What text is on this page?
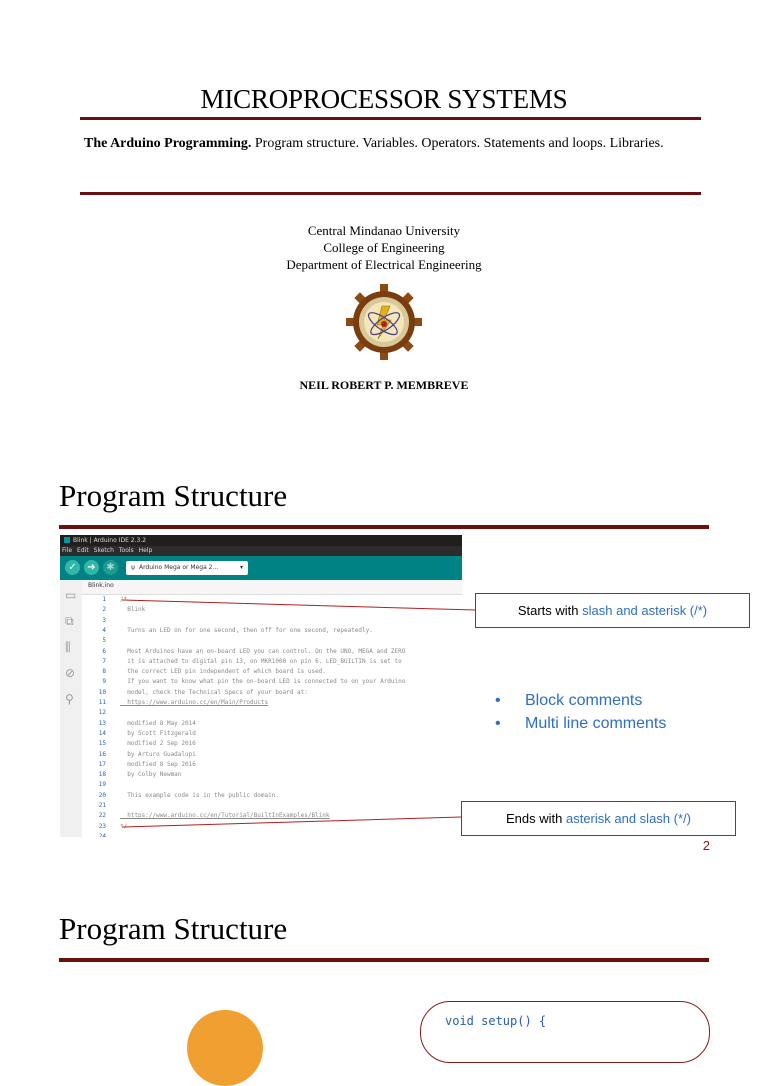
MICROPROCESSOR SYSTEMS
The Arduino Programming. Program structure. Variables. Operators. Statements and loops. Libraries.
Central Mindanao University
College of Engineering
Department of Electrical Engineering
NEIL ROBERT P. MEMBREVE
Program Structure
Blink | Arduino IDE 2.3.2
File Edit Sketch Tools Help
✓	➜	✱	ψ Arduino Mega or Mega 2...	▾
▭
⧉
⫼
⊘
⚲
Blink.ino
1 /*
2  Blink
3
4  Turns an LED on for one second, then off for one second, repeatedly.
5
6  Most Arduinos have an on-board LED you can control. On the UNO, MEGA and ZERO
7  it is attached to digital pin 13, on MKR1000 on pin 6. LED_BUILTIN is set to
8  the correct LED pin independent of which board is used.
9  If you want to know what pin the on-board LED is connected to on your Arduino
10  model, check the Technical Specs of your board at:
11  https://www.arduino.cc/en/Main/Products
12
13  modified 8 May 2014
14  by Scott Fitzgerald
15  modified 2 Sep 2016
16  by Arturo Guadalupi
17  modified 8 Sep 2016
18  by Colby Newman
19
20  This example code is in the public domain.
21
22  https://www.arduino.cc/en/Tutorial/BuiltInExamples/Blink
23 */
24
Starts with slash and asterisk (/*)
• Block comments
• Multi line comments
Ends with asterisk and slash (*/)
2
Program Structure
void setup() {
